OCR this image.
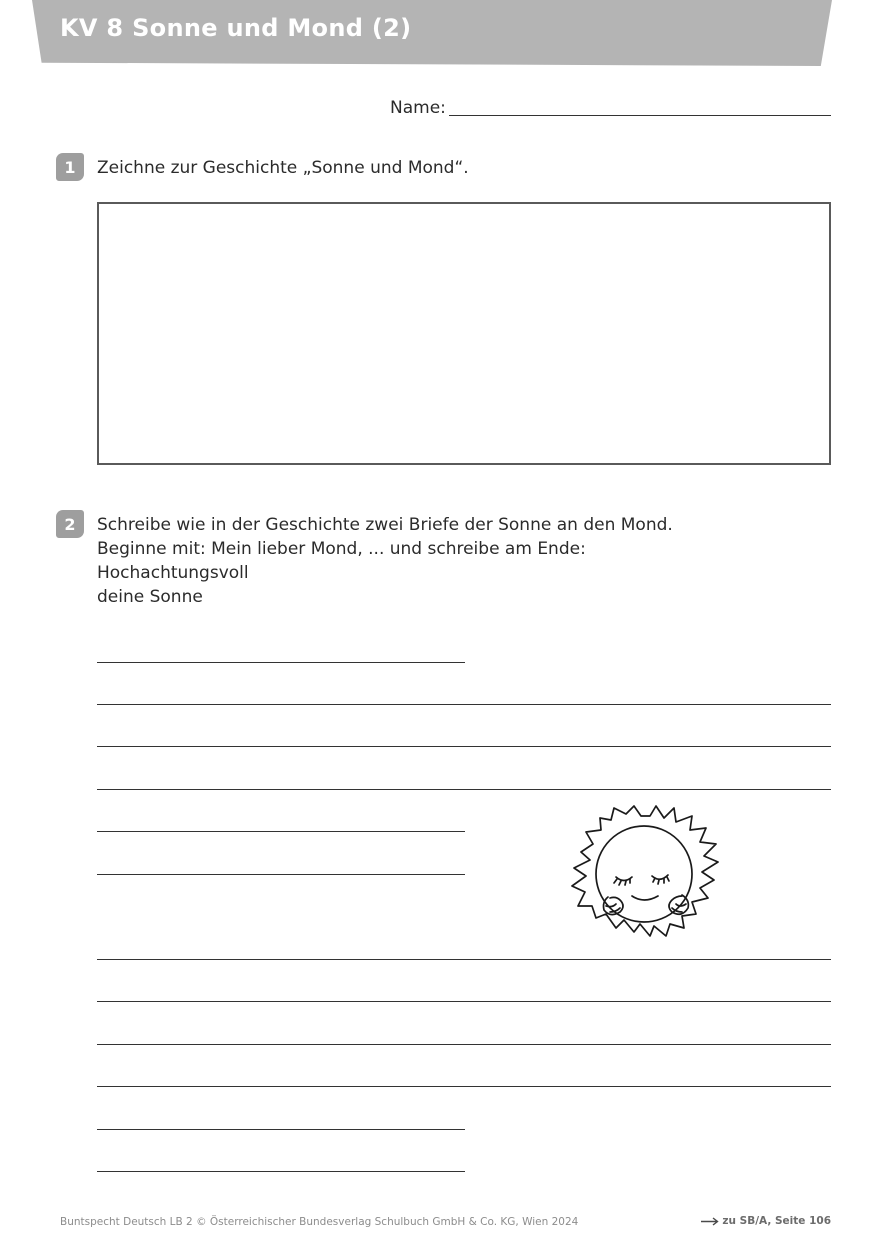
KV 8 Sonne und Mond (2)
Name:
1	Zeichne zur Geschichte „Sonne und Mond“.
2	Schreibe wie in der Geschichte zwei Briefe der Sonne an den Mond.
Beginne mit: Mein lieber Mond, ... und schreibe am Ende:
Hochachtungsvoll
deine Sonne
Buntspecht Deutsch LB 2 © Österreichischer Bundesverlag Schulbuch GmbH & Co. KG, Wien 2024	zu SB/A, Seite 106
